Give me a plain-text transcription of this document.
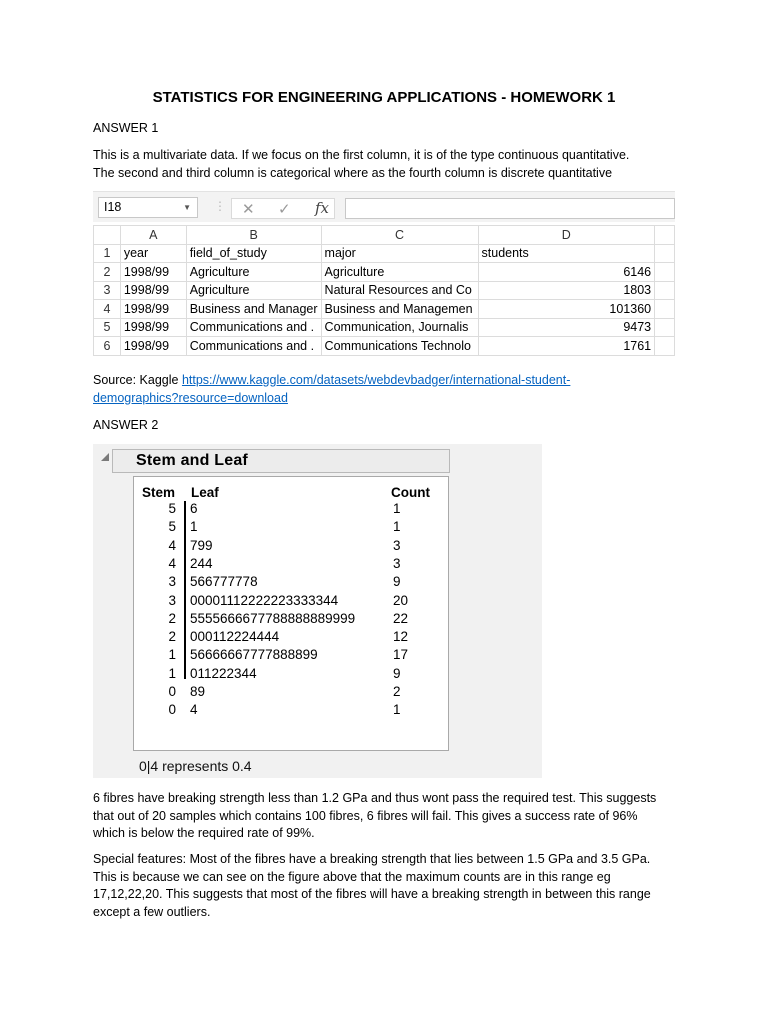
STATISTICS FOR ENGINEERING APPLICATIONS - HOMEWORK 1

ANSWER 1

This is a multivariate data. If we focus on the first column, it is of the type continuous quantitative.
The second and third column is categorical where as the fourth column is discrete quantitative
I18	▼ ⋮ ✕ ✓ fx
	A	B	C	D	
1	year	field_of_study	major	students	
2	1998/99	Agriculture	Agriculture	6146	
3	1998/99	Agriculture	Natural Resources and Co	1803	
4	1998/99	Business and Manager	Business and Managemen	101360	
5	1998/99	Communications and .	Communication, Journalis	9473	
6	1998/99	Communications and .	Communications Technolo	1761	
Source: Kaggle https://www.kaggle.com/datasets/webdevbadger/international-student-
demographics?resource=download

ANSWER 2

Stem and Leaf
Stem Leaf	Count
5 6	1
5 1	1
4 799	3
4 244	3
3 566777778	9
3 00001112222223333344	20
2 5555666677788888889999	22
2 000112224444	12
1 56666667777888899	17
1 011222344	9
0 89	2
0 4	1
0|4 represents 0.4
6 fibres have breaking strength less than 1.2 GPa and thus wont pass the required test. This suggests
that out of 20 samples which contains 100 fibres, 6 fibres will fail. This gives a success rate of 96%
which is below the required rate of 99%.
Special features: Most of the fibres have a breaking strength that lies between 1.5 GPa and 3.5 GPa.
This is because we can see on the figure above that the maximum counts are in this range eg
17,12,22,20. This suggests that most of the fibres will have a breaking strength in between this range
except a few outliers.
